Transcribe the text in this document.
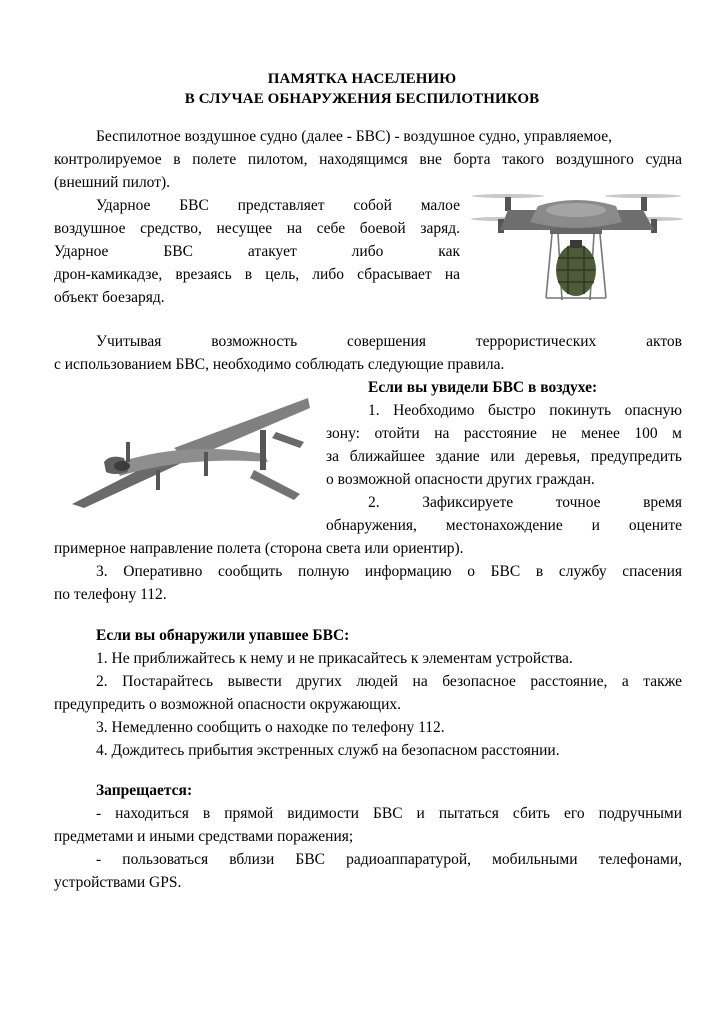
ПАМЯТКА НАСЕЛЕНИЮ
В СЛУЧАЕ ОБНАРУЖЕНИЯ БЕСПИЛОТНИКОВ
Беспилотное воздушное судно (далее - БВС) - воздушное судно, управляемое,
контролируемое в полете пилотом, находящимся вне борта такого воздушного судна
(внешний пилот).
Ударное БВС представляет собой малое
воздушное средство, несущее на себе боевой заряд.
Ударное БВС атакует либо как
дрон-камикадзе, врезаясь в цель, либо сбрасывает на
объект боезаряд.
Учитывая возможность совершения террористических актов
с использованием БВС, необходимо соблюдать следующие правила.
Если вы увидели БВС в воздухе:
1. Необходимо быстро покинуть опасную
зону: отойти на расстояние не менее 100 м
за ближайшее здание или деревья, предупредить
о возможной опасности других граждан.
2. Зафиксируете точное время
обнаружения, местонахождение и оцените
примерное направление полета (сторона света или ориентир).
3. Оперативно сообщить полную информацию о БВС в службу спасения
по телефону 112.
Если вы обнаружили упавшее БВС:
1. Не приближайтесь к нему и не прикасайтесь к элементам устройства.
2. Постарайтесь вывести других людей на безопасное расстояние, а также
предупредить о возможной опасности окружающих.
3. Немедленно сообщить о находке по телефону 112.
4. Дождитесь прибытия экстренных служб на безопасном расстоянии.
Запрещается:
- находиться в прямой видимости БВС и пытаться сбить его подручными
предметами и иными средствами поражения;
- пользоваться вблизи БВС радиоаппаратурой, мобильными телефонами,
устройствами GPS.
